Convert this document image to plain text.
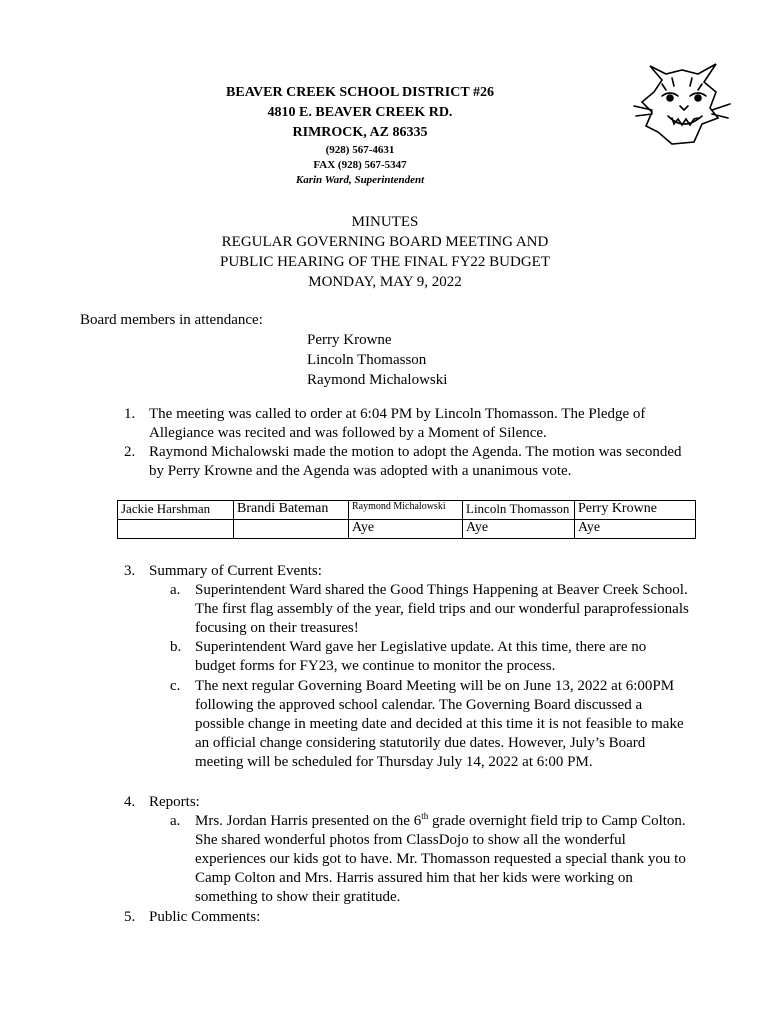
BEAVER CREEK SCHOOL DISTRICT #26
4810 E. BEAVER CREEK RD.
RIMROCK, AZ 86335
(928) 567-4631
FAX (928) 567-5347
Karin Ward, Superintendent
MINUTES
REGULAR GOVERNING BOARD MEETING AND
PUBLIC HEARING OF THE FINAL FY22 BUDGET
MONDAY, MAY 9, 2022
Board members in attendance:
Perry Krowne
Lincoln Thomasson
Raymond Michalowski
1. The meeting was called to order at 6:04 PM by Lincoln Thomasson. The Pledge of Allegiance was recited and was followed by a Moment of Silence.
2. Raymond Michalowski made the motion to adopt the Agenda. The motion was seconded by Perry Krowne and the Agenda was adopted with a unanimous vote.
Jackie Harshman	Brandi Bateman	Raymond Michalowski	Lincoln Thomasson	Perry Krowne
		Aye	Aye	Aye
3. Summary of Current Events:
a. Superintendent Ward shared the Good Things Happening at Beaver Creek School. The first flag assembly of the year, field trips and our wonderful paraprofessionals focusing on their treasures!
b. Superintendent Ward gave her Legislative update. At this time, there are no budget forms for FY23, we continue to monitor the process.
c. The next regular Governing Board Meeting will be on June 13, 2022 at 6:00PM following the approved school calendar. The Governing Board discussed a possible change in meeting date and decided at this time it is not feasible to make an official change considering statutorily due dates. However, July’s Board meeting will be scheduled for Thursday July 14, 2022 at 6:00 PM.
4. Reports:
a. Mrs. Jordan Harris presented on the 6th grade overnight field trip to Camp Colton. She shared wonderful photos from ClassDojo to show all the wonderful experiences our kids got to have. Mr. Thomasson requested a special thank you to Camp Colton and Mrs. Harris assured him that her kids were working on something to show their gratitude.
5. Public Comments:
